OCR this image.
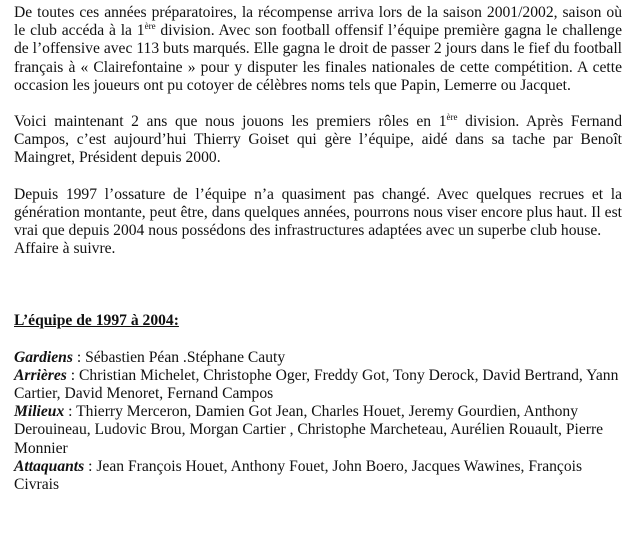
De toutes ces années préparatoires, la récompense arriva lors de la saison 2001/2002, saison où le club accéda à la 1ère division. Avec son football offensif l’équipe première gagna le challenge de l’offensive avec 113 buts marqués. Elle gagna le droit de passer 2 jours dans le fief du football français à « Clairefontaine » pour y disputer les finales nationales de cette compétition. A cette occasion les joueurs ont pu cotoyer de célèbres noms tels que Papin, Lemerre ou Jacquet.

Voici maintenant 2 ans que nous jouons les premiers rôles en 1ère division. Après Fernand Campos, c’est aujourd’hui Thierry Goiset qui gère l’équipe, aidé dans sa tache par Benoît Maingret, Président depuis 2000.

Depuis 1997 l’ossature de l’équipe n’a quasiment pas changé. Avec quelques recrues et la génération montante, peut être, dans quelques années, pourrons nous viser encore plus haut. Il est vrai que depuis 2004 nous possédons des infrastructures adaptées avec un superbe club house.

Affaire à suivre.

L’équipe de 1997 à 2004:

Gardiens : Sébastien Péan .Stéphane Cauty

Arrières : Christian Michelet, Christophe Oger, Freddy Got, Tony Derock, David Bertrand, Yann Cartier, David Menoret, Fernand Campos

Milieux : Thierry Merceron, Damien Got Jean, Charles Houet, Jeremy Gourdien, Anthony Derouineau, Ludovic Brou, Morgan Cartier , Christophe Marcheteau, Aurélien Rouault, Pierre Monnier

Attaquants : Jean François Houet, Anthony Fouet, John Boero, Jacques Wawines, François Civrais
